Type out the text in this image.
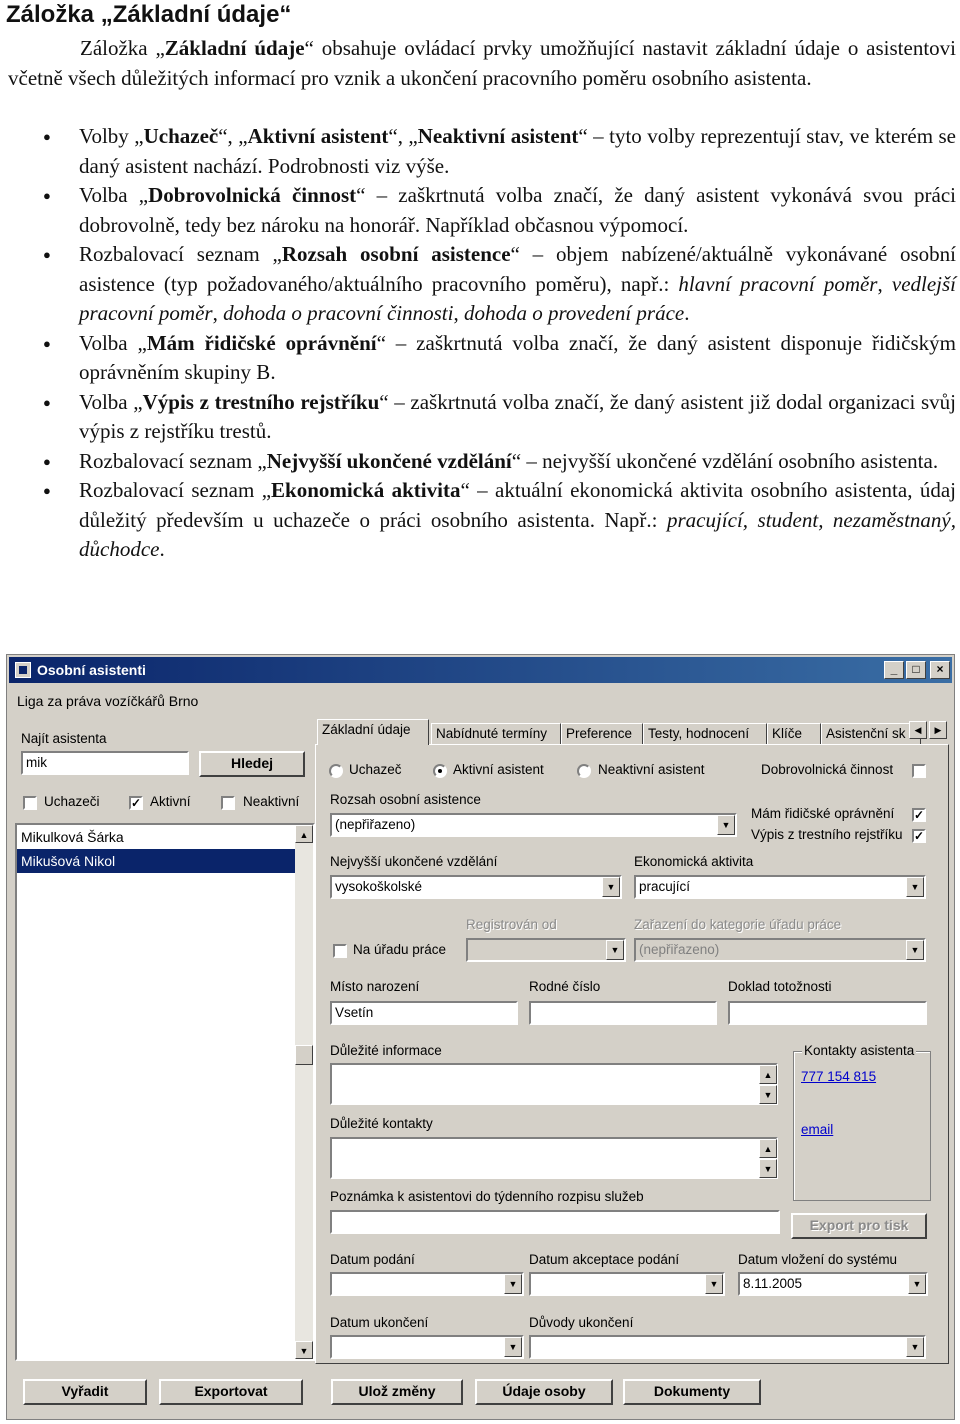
Záložka „Základní údaje“

Záložka „Základní údaje“ obsahuje ovládací prvky umožňující nastavit základní údaje o asistentovi včetně všech důležitých informací pro vznik a ukončení pracovního poměru osobního asistenta.

● Volby „Uchazeč“, „Aktivní asistent“, „Neaktivní asistent“ – tyto volby reprezentují stav, ve kterém se daný asistent nachází. Podrobnosti viz výše.
● Volba „Dobrovolnická činnost“ – zaškrtnutá volba značí, že daný asistent vykonává svou práci dobrovolně, tedy bez nároku na honorář. Například občasnou výpomocí.
● Rozbalovací seznam „Rozsah osobní asistence“ – objem nabízené/aktuálně vykonávané osobní asistence (typ požadovaného/aktuálního pracovního poměru), např.: hlavní pracovní poměr, vedlejší pracovní poměr, dohoda o pracovní činnosti, dohoda o provedení práce.
● Volba „Mám řidičské oprávnění“ – zaškrtnutá volba značí, že daný asistent disponuje řidičským oprávněním skupiny B.
● Volba „Výpis z trestního rejstříku“ – zaškrtnutá volba značí, že daný asistent již dodal organizaci svůj výpis z rejstříku trestů.
● Rozbalovací seznam „Nejvyšší ukončené vzdělání“ – nejvyšší ukončené vzdělání osobního asistenta.
● Rozbalovací seznam „Ekonomická aktivita“ – aktuální ekonomická aktivita osobního asistenta, údaj důležitý především u uchazeče o práci osobního asistenta. Např.: pracující, student, nezaměstnaný, důchodce.
Osobní asistenti	_	□	×
Liga za práva vozíčkářů Brno
Najít asistenta
mik	Hledej
Uchazeči	✓ Aktivní	Neaktivní
Mikulková Šárka
Mikušová Nikol
▲
▼
Základní údaje	Nabídnuté termíny	Preference	Testy, hodnocení	Klíče	Asistenční sk	◀	▶
Uchazeč	Aktivní asistent	Neaktivní asistent	Dobrovolnická činnost
Rozsah osobní asistence
(nepřiřazeno)	▼
Mám řidičské oprávnění ✓
Výpis z trestního rejstříku ✓
Nejvyšší ukončené vzdělání
vysokoškolské	▼
Ekonomická aktivita
pracující	▼
Registrován od	Zařazení do kategorie úřadu práce
Na úřadu práce	▼	(nepřiřazeno)	▼
Místo narození
Vsetín
Rodné číslo	Doklad totožnosti
Důležité informace
▲
▼
Důležité kontakty
▲
▼
Kontakty asistenta
777 154 815
email
Poznámka k asistentovi do týdenního rozpisu služeb
Export pro tisk
Datum podání
▼
Datum akceptace podání
▼
Datum vložení do systému
8.11.2005	▼
Datum ukončení
▼
Důvody ukončení
▼
Vyřadit	Exportovat	Ulož změny	Údaje osoby	Dokumenty
